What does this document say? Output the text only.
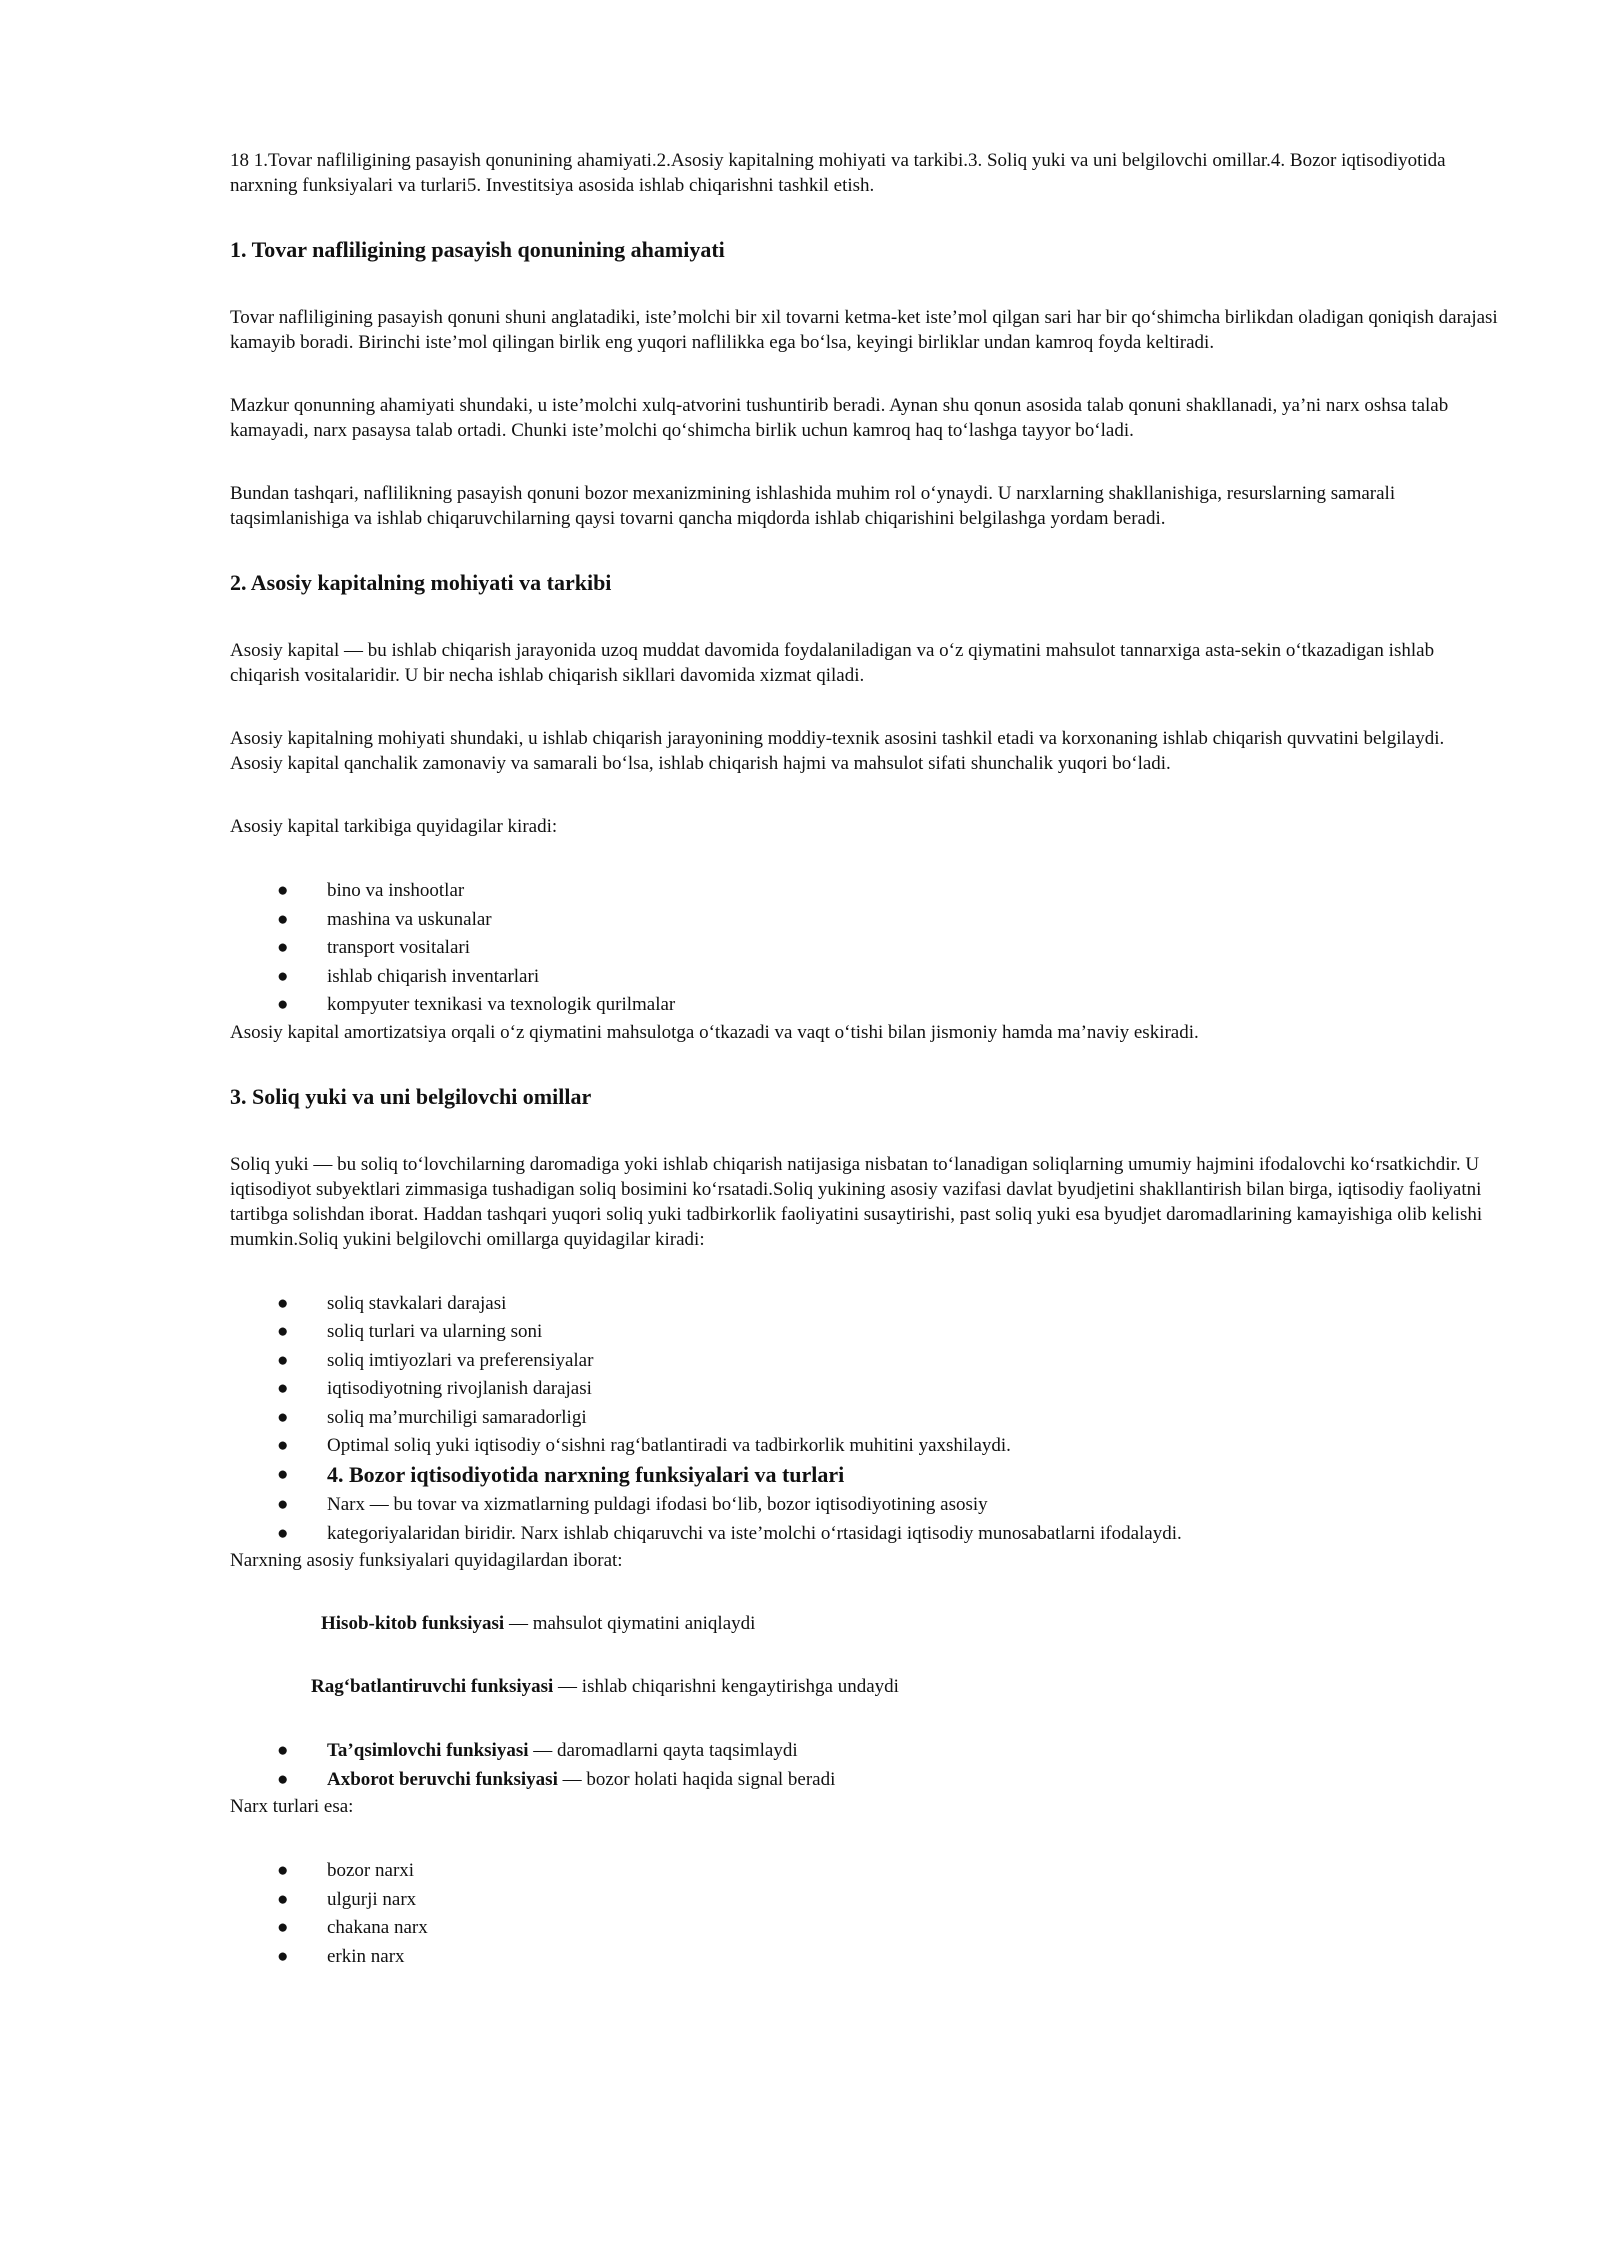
18 1.Tovar nafliligining pasayish qonunining ahamiyati.2.Asosiy kapitalning mohiyati va tarkibi.3. Soliq yuki va uni belgilovchi omillar.4. Bozor iqtisodiyotida narxning funksiyalari va turlari5. Investitsiya asosida ishlab chiqarishni tashkil etish.

1. Tovar nafliligining pasayish qonunining ahamiyati

Tovar nafliligining pasayish qonuni shuni anglatadiki, iste’molchi bir xil tovarni ketma-ket iste’mol qilgan sari har bir qo‘shimcha birlikdan oladigan qoniqish darajasi kamayib boradi. Birinchi iste’mol qilingan birlik eng yuqori naflilikka ega bo‘lsa, keyingi birliklar undan kamroq foyda keltiradi.

Mazkur qonunning ahamiyati shundaki, u iste’molchi xulq-atvorini tushuntirib beradi. Aynan shu qonun asosida talab qonuni shakllanadi, ya’ni narx oshsa talab kamayadi, narx pasaysa talab ortadi. Chunki iste’molchi qo‘shimcha birlik uchun kamroq haq to‘lashga tayyor bo‘ladi.

Bundan tashqari, naflilikning pasayish qonuni bozor mexanizmining ishlashida muhim rol o‘ynaydi. U narxlarning shakllanishiga, resurslarning samarali taqsimlanishiga va ishlab chiqaruvchilarning qaysi tovarni qancha miqdorda ishlab chiqarishini belgilashga yordam beradi.

2. Asosiy kapitalning mohiyati va tarkibi

Asosiy kapital — bu ishlab chiqarish jarayonida uzoq muddat davomida foydalaniladigan va o‘z qiymatini mahsulot tannarxiga asta-sekin o‘tkazadigan ishlab chiqarish vositalaridir. U bir necha ishlab chiqarish sikllari davomida xizmat qiladi.

Asosiy kapitalning mohiyati shundaki, u ishlab chiqarish jarayonining moddiy-texnik asosini tashkil etadi va korxonaning ishlab chiqarish quvvatini belgilaydi. Asosiy kapital qanchalik zamonaviy va samarali bo‘lsa, ishlab chiqarish hajmi va mahsulot sifati shunchalik yuqori bo‘ladi.

Asosiy kapital tarkibiga quyidagilar kiradi:

● bino va inshootlar
● mashina va uskunalar
● transport vositalari
● ishlab chiqarish inventarlari
● kompyuter texnikasi va texnologik qurilmalar

Asosiy kapital amortizatsiya orqali o‘z qiymatini mahsulotga o‘tkazadi va vaqt o‘tishi bilan jismoniy hamda ma’naviy eskiradi.

3. Soliq yuki va uni belgilovchi omillar

Soliq yuki — bu soliq to‘lovchilarning daromadiga yoki ishlab chiqarish natijasiga nisbatan to‘lanadigan soliqlarning umumiy hajmini ifodalovchi ko‘rsatkichdir. U iqtisodiyot subyektlari zimmasiga tushadigan soliq bosimini ko‘rsatadi.Soliq yukining asosiy vazifasi davlat byudjetini shakllantirish bilan birga, iqtisodiy faoliyatni tartibga solishdan iborat. Haddan tashqari yuqori soliq yuki tadbirkorlik faoliyatini susaytirishi, past soliq yuki esa byudjet daromadlarining kamayishiga olib kelishi mumkin.Soliq yukini belgilovchi omillarga quyidagilar kiradi:

● soliq stavkalari darajasi
● soliq turlari va ularning soni
● soliq imtiyozlari va preferensiyalar
● iqtisodiyotning rivojlanish darajasi
● soliq ma’murchiligi samaradorligi
● Optimal soliq yuki iqtisodiy o‘sishni rag‘batlantiradi va tadbirkorlik muhitini yaxshilaydi.
● 4. Bozor iqtisodiyotida narxning funksiyalari va turlari
● Narx — bu tovar va xizmatlarning puldagi ifodasi bo‘lib, bozor iqtisodiyotining asosiy
● kategoriyalaridan biridir. Narx ishlab chiqaruvchi va iste’molchi o‘rtasidagi iqtisodiy munosabatlarni ifodalaydi.

Narxning asosiy funksiyalari quyidagilardan iborat:

Hisob-kitob funksiyasi — mahsulot qiymatini aniqlaydi

Rag‘batlantiruvchi funksiyasi — ishlab chiqarishni kengaytirishga undaydi

● Ta’qsimlovchi funksiyasi — daromadlarni qayta taqsimlaydi
● Axborot beruvchi funksiyasi — bozor holati haqida signal beradi

Narx turlari esa:

● bozor narxi
● ulgurji narx
● chakana narx
● erkin narx
